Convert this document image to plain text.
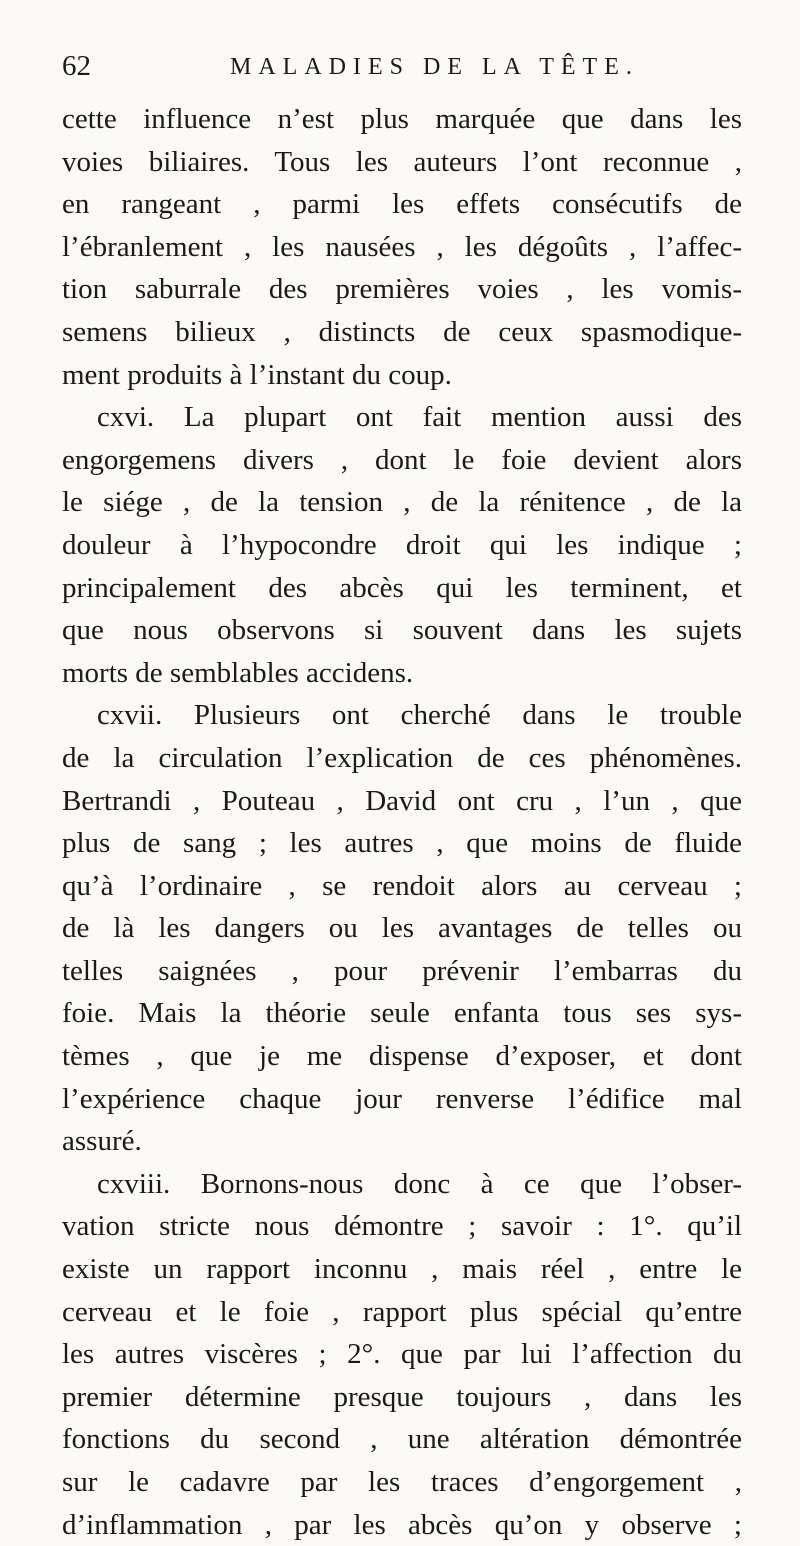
62	MALADIES DE LA TÊTE.
cette influence n’est plus marquée que dans les
voies biliaires. Tous les auteurs l’ont reconnue ,
en rangeant , parmi les effets consécutifs de
l’ébranlement , les nausées , les dégoûts , l’affec-
tion saburrale des premières voies , les vomis-
semens bilieux , distincts de ceux spasmodique-
ment produits à l’instant du coup.
cxvi. La plupart ont fait mention aussi des
engorgemens divers , dont le foie devient alors
le siége , de la tension , de la rénitence , de la
douleur à l’hypocondre droit qui les indique ;
principalement des abcès qui les terminent, et
que nous observons si souvent dans les sujets
morts de semblables accidens.
cxvii. Plusieurs ont cherché dans le trouble
de la circulation l’explication de ces phénomènes.
Bertrandi , Pouteau , David ont cru , l’un , que
plus de sang ; les autres , que moins de fluide
qu’à l’ordinaire , se rendoit alors au cerveau ;
de là les dangers ou les avantages de telles ou
telles saignées , pour prévenir l’embarras du
foie. Mais la théorie seule enfanta tous ses sys-
tèmes , que je me dispense d’exposer, et dont
l’expérience chaque jour renverse l’édifice mal
assuré.
cxviii. Bornons-nous donc à ce que l’obser-
vation stricte nous démontre ; savoir : 1°. qu’il
existe un rapport inconnu , mais réel , entre le
cerveau et le foie , rapport plus spécial qu’entre
les autres viscères ; 2°. que par lui l’affection du
premier détermine presque toujours , dans les
fonctions du second , une altération démontrée
sur le cadavre par les traces d’engorgement ,
d’inflammation , par les abcès qu’on y observe ;
